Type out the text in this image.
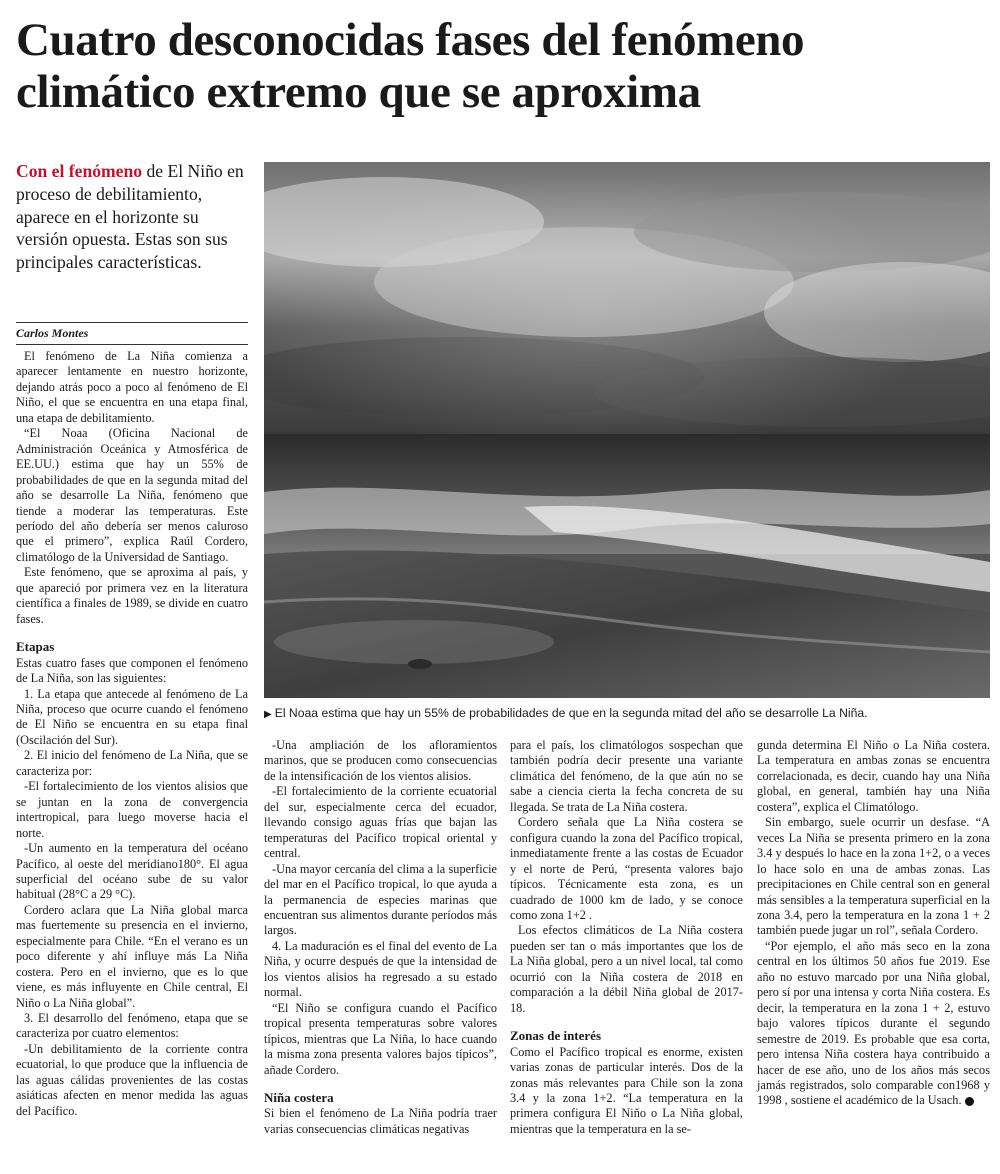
Cuatro desconocidas fases del fenómeno climático extremo que se aproxima
Con el fenómeno de El Niño en proceso de debilitamiento, aparece en el horizonte su versión opuesta. Estas son sus principales características.
Carlos Montes
▶ El Noaa estima que hay un 55% de probabilidades de que en la segunda mitad del año se desarrolle La Niña.

El fenómeno de La Niña comienza a aparecer lentamente en nuestro horizonte, dejando atrás poco a poco al fenómeno de El Niño, el que se encuentra en una etapa final, una etapa de debilitamiento.

“El Noaa (Oficina Nacional de Administración Oceánica y Atmosférica de EE.UU.) estima que hay un 55% de probabilidades de que en la segunda mitad del año se desarrolle La Niña, fenómeno que tiende a moderar las temperaturas. Este período del año debería ser menos caluroso que el primero”, explica Raúl Cordero, climatólogo de la Universidad de Santiago.

Este fenómeno, que se aproxima al país, y que apareció por primera vez en la literatura científica a finales de 1989, se divide en cuatro fases.

Etapas

Estas cuatro fases que componen el fenómeno de La Niña, son las siguientes:

1. La etapa que antecede al fenómeno de La Niña, proceso que ocurre cuando el fenómeno de El Niño se encuentra en su etapa final (Oscilación del Sur).

2. El inicio del fenómeno de La Niña, que se caracteriza por:

-El fortalecimiento de los vientos alisios que se juntan en la zona de convergencia intertropical, para luego moverse hacia el norte.

-Un aumento en la temperatura del océano Pacífico, al oeste del meridiano180°. El agua superficial del océano sube de su valor habitual (28°C a 29 °C).

Cordero aclara que La Niña global marca mas fuertemente su presencia en el invierno, especialmente para Chile. “En el verano es un poco diferente y ahí influye más La Niña costera. Pero en el invierno, que es lo que viene, es más influyente en Chile central, El Niño o La Niña global”.

3. El desarrollo del fenómeno, etapa que se caracteriza por cuatro elementos:

-Un debilitamiento de la corriente contra ecuatorial, lo que produce que la influencia de las aguas cálidas provenientes de las costas asiáticas afecten en menor medida las aguas del Pacífico.

-Una ampliación de los afloramientos marinos, que se producen como consecuencias de la intensificación de los vientos alisios.

-El fortalecimiento de la corriente ecuatorial del sur, especialmente cerca del ecuador, llevando consigo aguas frías que bajan las temperaturas del Pacífico tropical oriental y central.

-Una mayor cercanía del clima a la superficie del mar en el Pacífico tropical, lo que ayuda a la permanencia de especies marinas que encuentran sus alimentos durante períodos más largos.

4. La maduración es el final del evento de La Niña, y ocurre después de que la intensidad de los vientos alisios ha regresado a su estado normal.

“El Niño se configura cuando el Pacífico tropical presenta temperaturas sobre valores típicos, mientras que La Niña, lo hace cuando la misma zona presenta valores bajos típicos”, añade Cordero.

Niña costera

Si bien el fenómeno de La Niña podría traer varias consecuencias climáticas negativas

para el país, los climatólogos sospechan que también podría decir presente una variante climática del fenómeno, de la que aún no se sabe a ciencia cierta la fecha concreta de su llegada. Se trata de La Niña costera.

Cordero señala que La Niña costera se configura cuando la zona del Pacífico tropical, inmediatamente frente a las costas de Ecuador y el norte de Perú, “presenta valores bajo típicos. Técnicamente esta zona, es un cuadrado de 1000 km de lado, y se conoce como zona 1+2 .

Los efectos climáticos de La Niña costera pueden ser tan o más importantes que los de La Niña global, pero a un nivel local, tal como ocurrió con la Niña costera de 2018 en comparación a la débil Niña global de 2017-18.

Zonas de interés

Como el Pacífico tropical es enorme, existen varias zonas de particular interés. Dos de la zonas más relevantes para Chile son la zona 3.4 y la zona 1+2. “La temperatura en la primera configura El Niño o La Niña global, mientras que la temperatura en la se-

gunda determina El Niño o La Niña costera. La temperatura en ambas zonas se encuentra correlacionada, es decir, cuando hay una Niña global, en general, también hay una Niña costera”, explica el Climatólogo.

Sin embargo, suele ocurrir un desfase. “A veces La Niña se presenta primero en la zona 3.4 y después lo hace en la zona 1+2, o a veces lo hace solo en una de ambas zonas. Las precipitaciones en Chile central son en general más sensibles a la temperatura superficial en la zona 3.4, pero la temperatura en la zona 1 + 2 también puede jugar un rol”, señala Cordero.

“Por ejemplo, el año más seco en la zona central en los últimos 50 años fue 2019. Ese año no estuvo marcado por una Niña global, pero sí por una intensa y corta Niña costera. Es decir, la temperatura en la zona 1 + 2, estuvo bajo valores típicos durante el segundo semestre de 2019. Es probable que esa corta, pero intensa Niña costera haya contribuido a hacer de ese año, uno de los años más secos jamás registrados, solo comparable con1968 y 1998 , sostiene el académico de la Usach.
